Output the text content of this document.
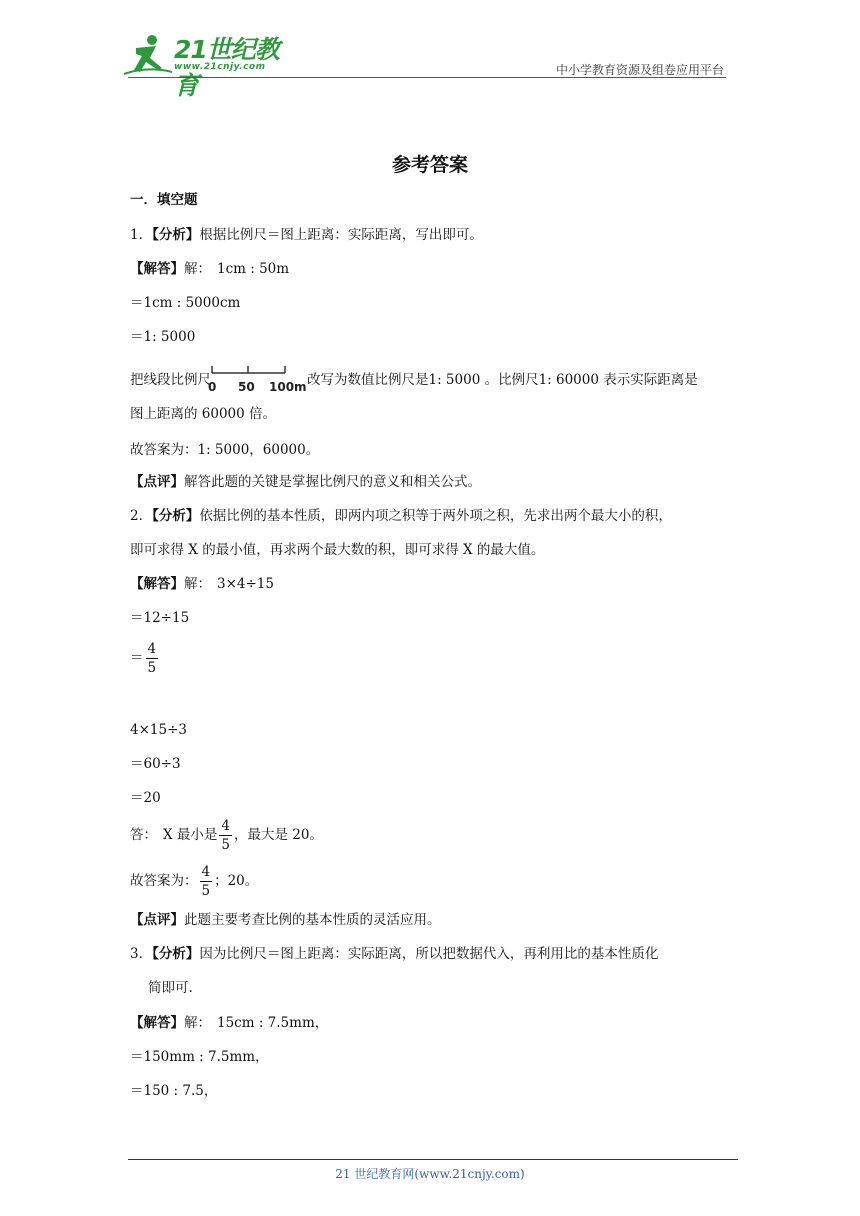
21世纪教育
www.21cnjy.com	中小学教育资源及组卷应用平台
参考答案
一．填空题
1．【分析】根据比例尺＝图上距离：实际距离，写出即可。
【解答】解： 1cm : 50m
＝1cm : 5000cm
＝1: 5000
把线段比例尺
0 50 100m 改写为数值比例尺是1: 5000 。比例尺1: 60000 表示实际距离是
图上距离的 60000 倍。
故答案为：1: 5000，60000。
【点评】解答此题的关键是掌握比例尺的意义和相关公式。
2．【分析】依据比例的基本性质，即两内项之积等于两外项之积，先求出两个最大小的积，
即可求得 X 的最小值，再求两个最大数的积，即可求得 X 的最大值。
【解答】解： 3×4÷15
＝12÷15
＝ $\frac{4}{5}$
4×15÷3
＝60÷3
＝20
答： X 最小是 $\frac{4}{5}$ ，最大是 20。
故答案为： $\frac{4}{5}$ ；20。
【点评】此题主要考查比例的基本性质的灵活应用。
3．【分析】因为比例尺＝图上距离：实际距离，所以把数据代入，再利用比的基本性质化
简即可.
【解答】解： 15cm : 7.5mm，
＝150mm : 7.5mm，
＝150 : 7.5，
21 世纪教育网(www.21cnjy.com)
